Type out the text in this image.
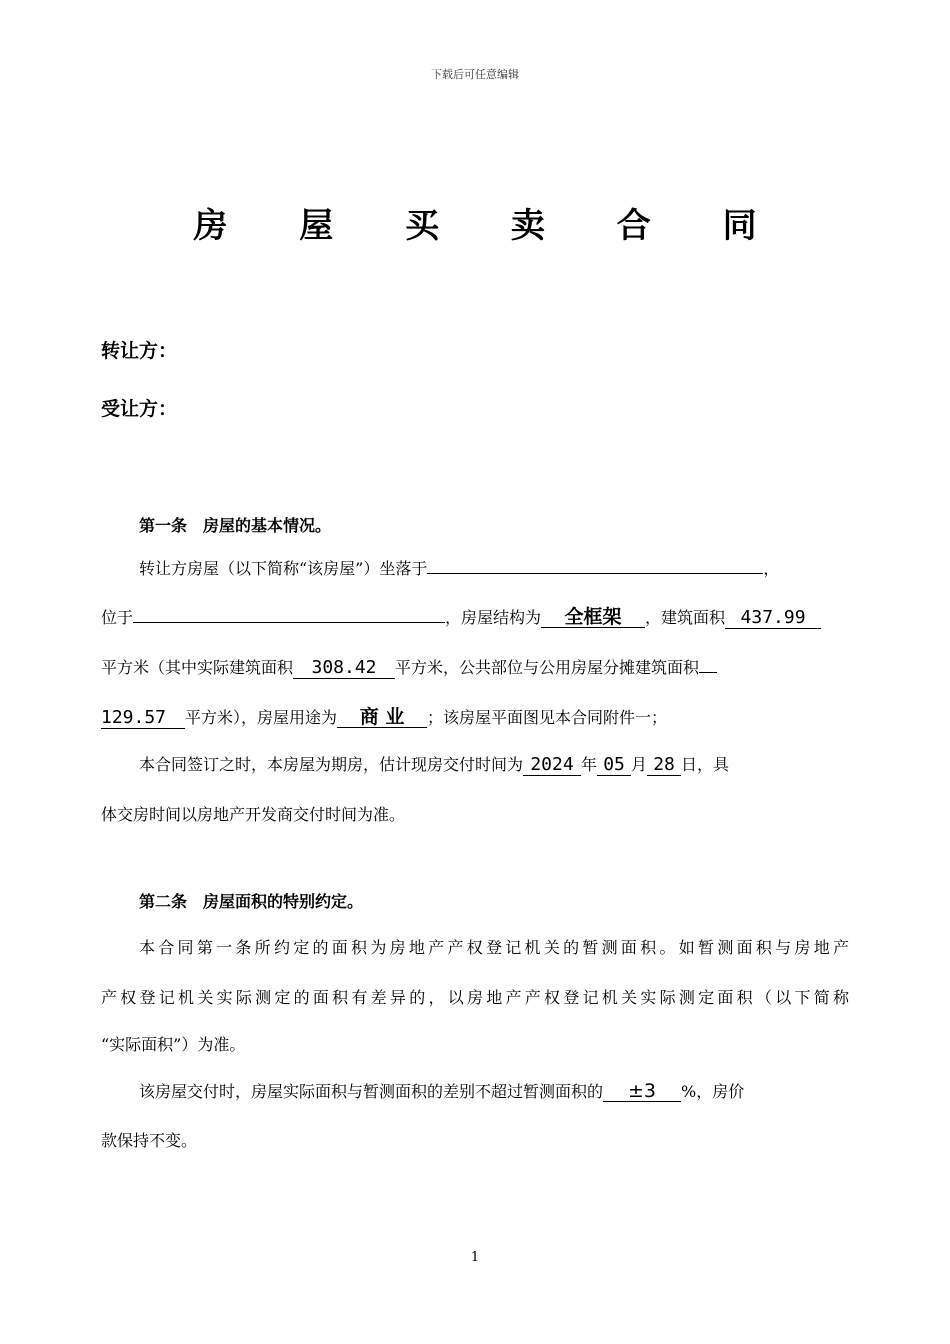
下载后可任意编辑
房 屋 买 卖 合 同
转让方：
受让方：
第一条　房屋的基本情况。
转让方房屋（以下简称“该房屋”）坐落于	，
位于	，房屋结构为 全框架 ，建筑面积 437.99
平方米（其中实际建筑面积 308.42 平方米，公共部位与公用房屋分摊建筑面积
129.57 平方米），房屋用途为 商 业 ；该房屋平面图见本合同附件一；
本合同签订之时，本房屋为期房，估计现房交付时间为 2024 年 05 月 28 日，具
体交房时间以房地产开发商交付时间为准。
第二条　房屋面积的特别约定。
本合同第一条所约定的面积为房地产产权登记机关的暂测面积。如暂测面积与房地产
产权登记机关实际测定的面积有差异的，以房地产产权登记机关实际测定面积（以下简称
“实际面积”）为准。
该房屋交付时，房屋实际面积与暂测面积的差别不超过暂测面积的 ±3 %，房价
款保持不变。
1
